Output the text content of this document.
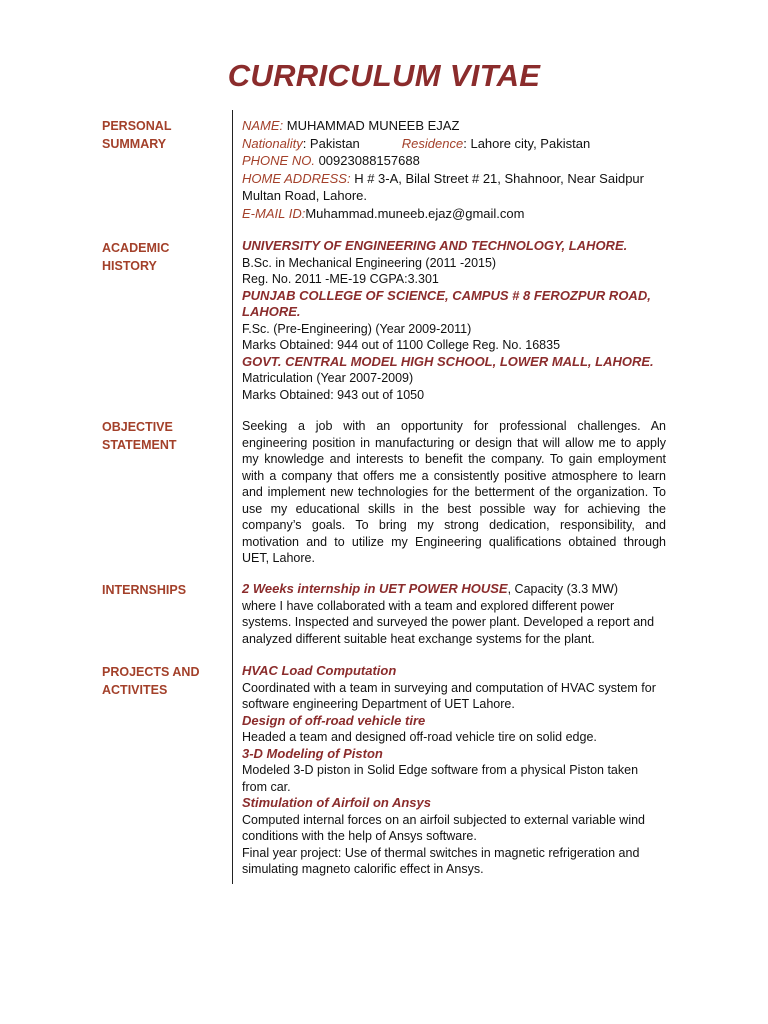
CURRICULUM VITAE
PERSONAL
SUMMARY
NAME: MUHAMMAD MUNEEB EJAZ
Nationality: Pakistan	Residence: Lahore city, Pakistan
PHONE NO. 00923088157688
HOME ADDRESS: H # 3-A, Bilal Street # 21, Shahnoor, Near Saidpur Multan Road, Lahore.
E-MAIL ID:Muhammad.muneeb.ejaz@gmail.com
ACADEMIC
HISTORY
UNIVERSITY OF ENGINEERING AND TECHNOLOGY, LAHORE.
B.Sc. in Mechanical Engineering (2011 -2015)
Reg. No. 2011 -ME-19 CGPA:3.301
PUNJAB COLLEGE OF SCIENCE, CAMPUS # 8 FEROZPUR ROAD, LAHORE.
F.Sc. (Pre-Engineering) (Year 2009-2011)
Marks Obtained: 944 out of 1100 College Reg. No. 16835
GOVT. CENTRAL MODEL HIGH SCHOOL, LOWER MALL, LAHORE.
Matriculation (Year 2007-2009)
Marks Obtained: 943 out of 1050
OBJECTIVE
STATEMENT
Seeking a job with an opportunity for professional challenges. An engineering position in manufacturing or design that will allow me to apply my knowledge and interests to benefit the company. To gain employment with a company that offers me a consistently positive atmosphere to learn and implement new technologies for the betterment of the organization. To use my educational skills in the best possible way for achieving the company’s goals. To bring my strong dedication, responsibility, and motivation and to utilize my Engineering qualifications obtained through UET, Lahore.
INTERNSHIPS	2 Weeks internship in UET POWER HOUSE, Capacity (3.3 MW)
where I have collaborated with a team and explored different power systems. Inspected and surveyed the power plant. Developed a report and analyzed different suitable heat exchange systems for the plant.
PROJECTS AND
ACTIVITES
HVAC Load Computation
Coordinated with a team in surveying and computation of HVAC system for software engineering Department of UET Lahore.
Design of off-road vehicle tire
Headed a team and designed off-road vehicle tire on solid edge.
3-D Modeling of Piston
Modeled 3-D piston in Solid Edge software from a physical Piston taken from car.
Stimulation of Airfoil on Ansys
Computed internal forces on an airfoil subjected to external variable wind conditions with the help of Ansys software.
Final year project: Use of thermal switches in magnetic refrigeration and simulating magneto calorific effect in Ansys.
